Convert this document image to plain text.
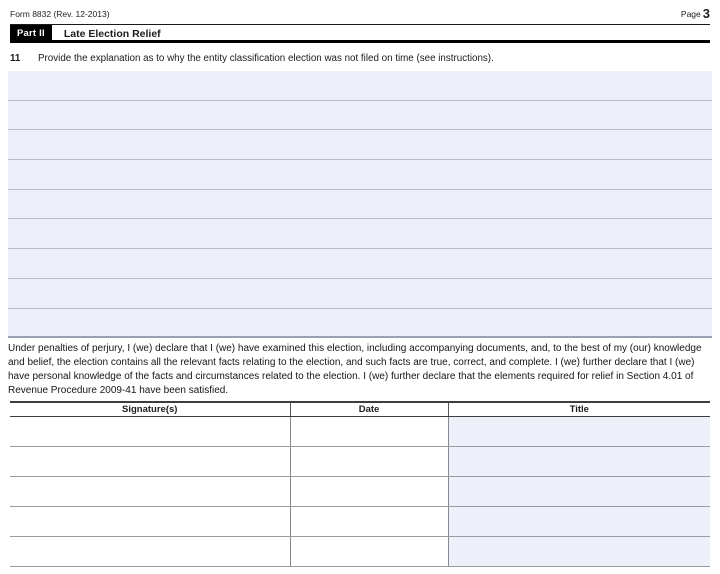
Form 8832 (Rev. 12-2013)	Page 3
Part II	Late Election Relief
11	Provide the explanation as to why the entity classification election was not filed on time (see instructions).
Under penalties of perjury, I (we) declare that I (we) have examined this election, including accompanying documents, and, to the best of my (our) knowledge and belief, the election contains all the relevant facts relating to the election, and such facts are true, correct, and complete. I (we) further declare that I (we) have personal knowledge of the facts and circumstances related to the election. I (we) further declare that the elements required for relief in Section 4.01 of Revenue Procedure 2009-41 have been satisfied.
Signature(s)	Date	Title
